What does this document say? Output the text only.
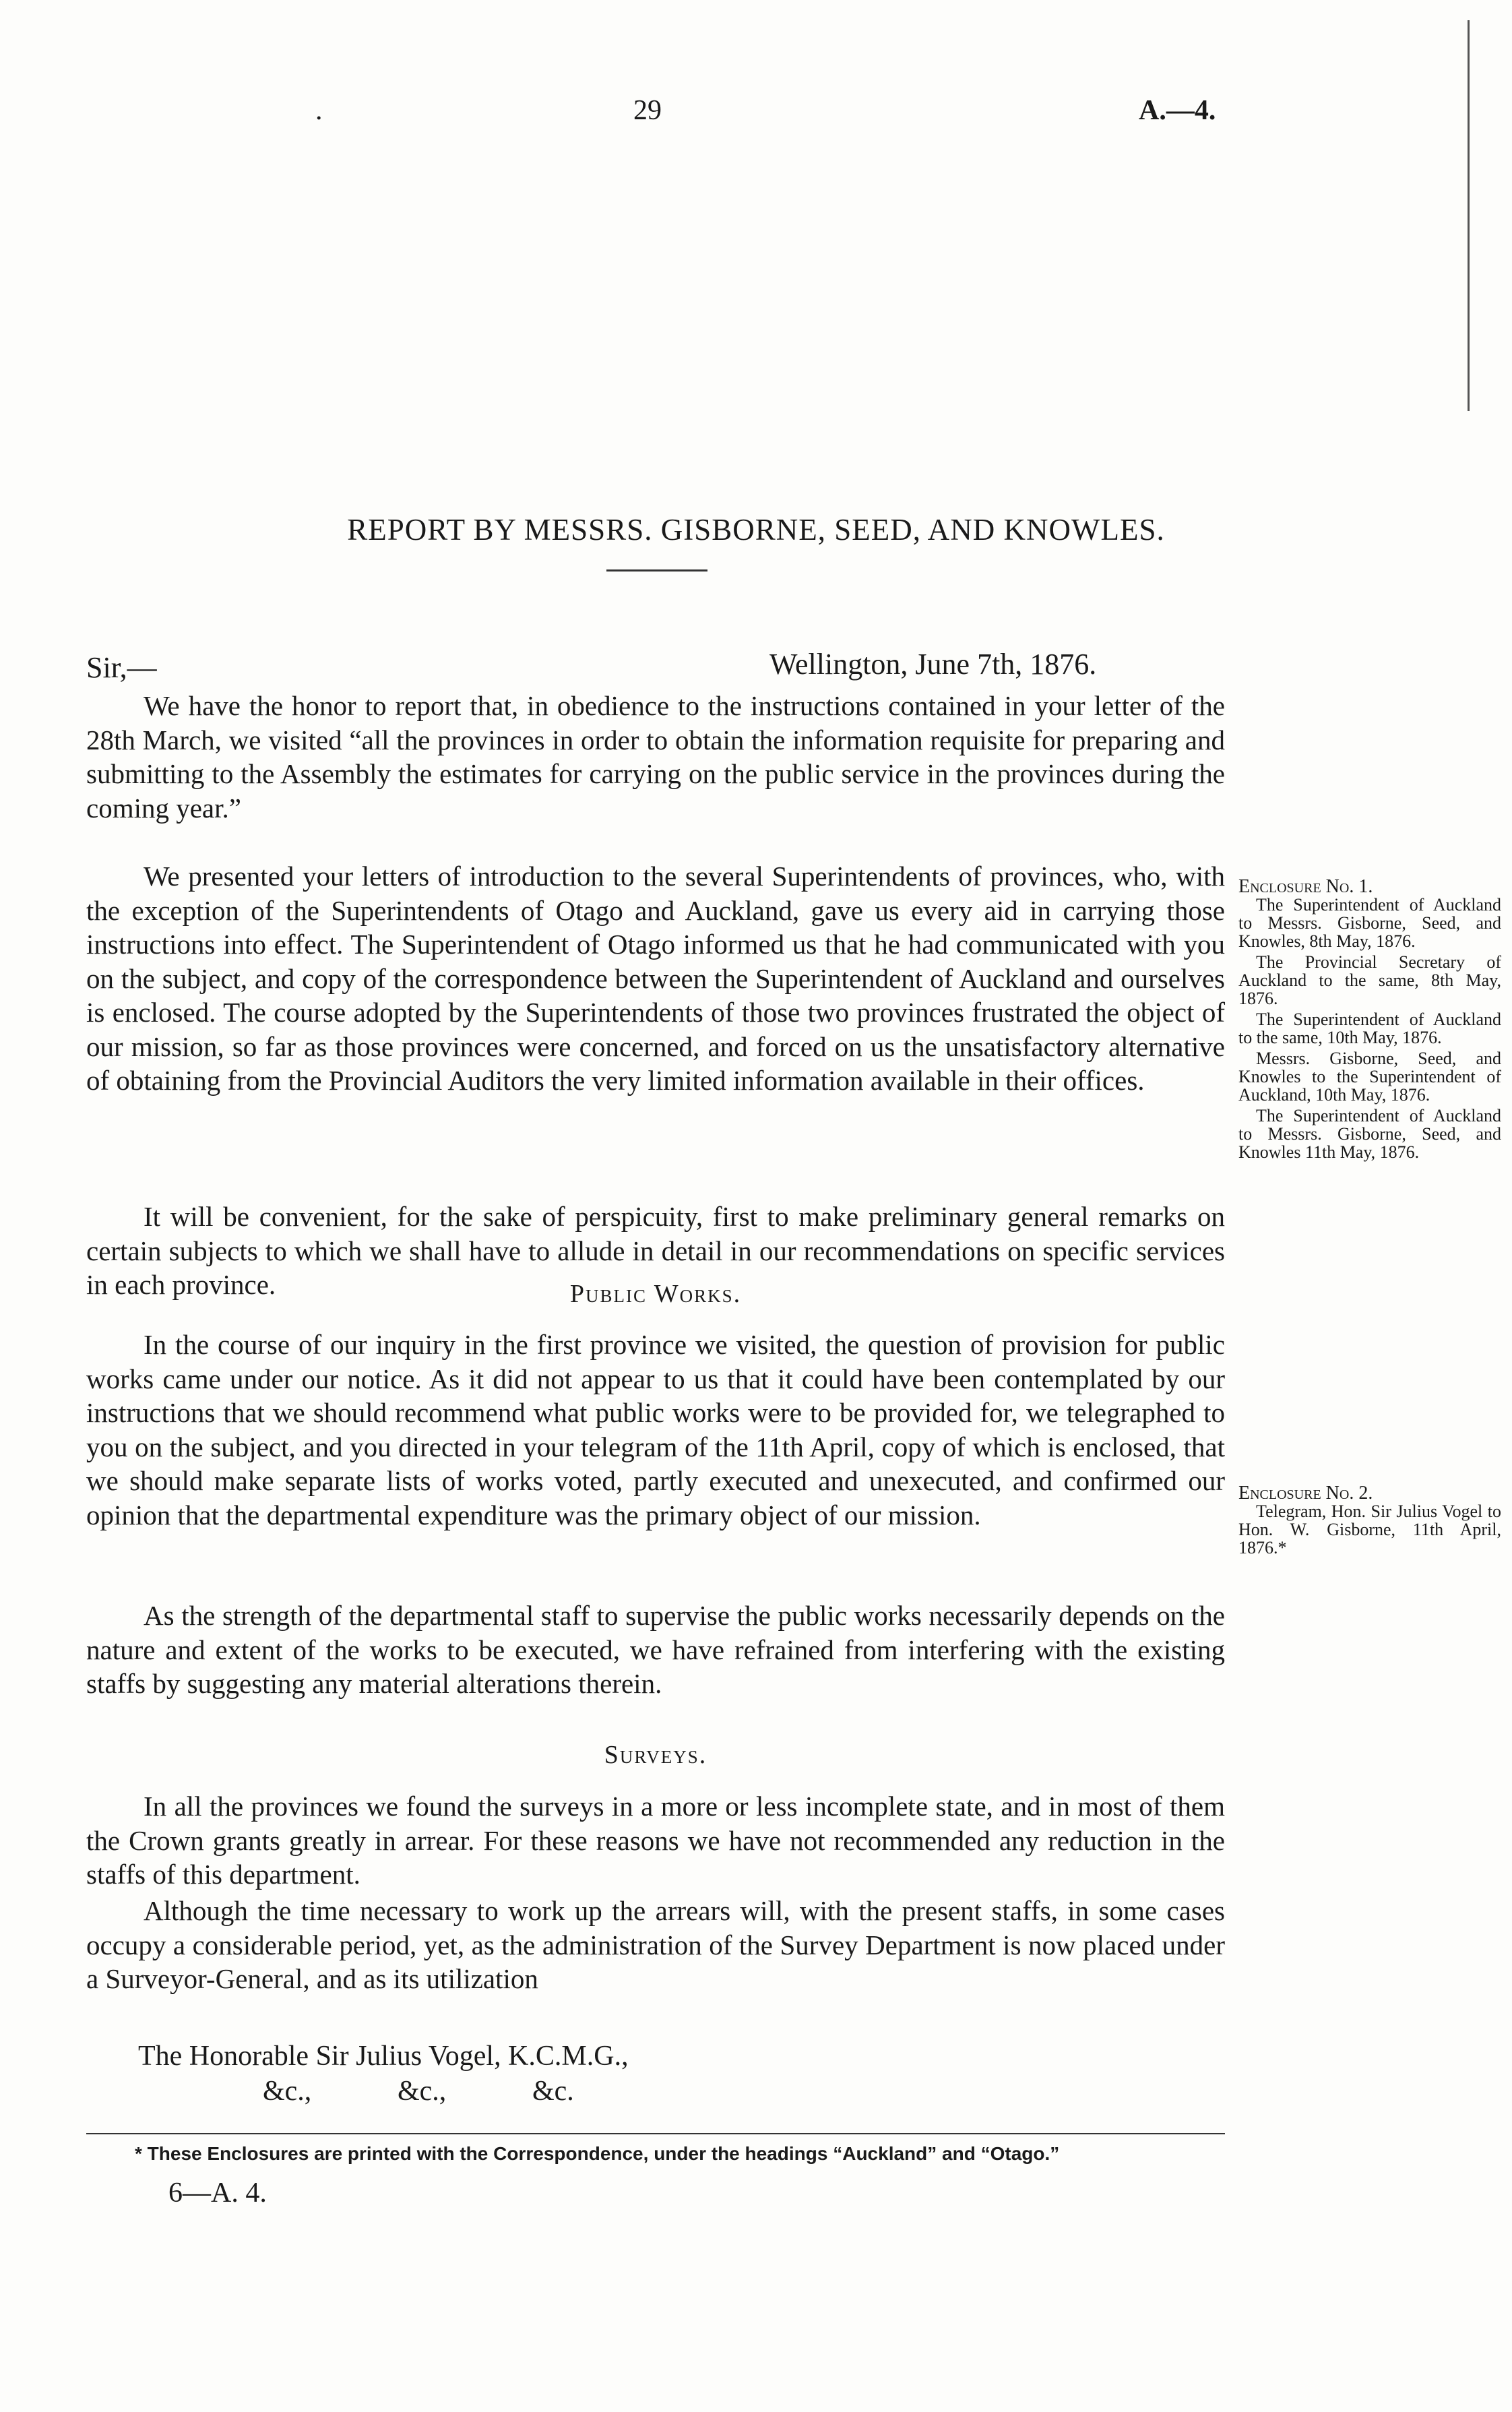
.	29	A.—4.
REPORT BY MESSRS. GISBORNE, SEED, AND KNOWLES.
Sir,—	Wellington, June 7th, 1876.

We have the honor to report that, in obedience to the instructions contained in your letter of the 28th March, we visited “all the provinces in order to obtain the information requisite for preparing and submitting to the Assembly the estimates for carrying on the public service in the provinces during the coming year.”

We presented your letters of introduction to the several Superintendents of provinces, who, with the exception of the Superintendents of Otago and Auckland, gave us every aid in carrying those instructions into effect. The Superintendent of Otago informed us that he had communicated with you on the subject, and copy of the correspondence between the Superintendent of Auckland and ourselves is enclosed. The course adopted by the Superintendents of those two provinces frustrated the object of our mission, so far as those provinces were concerned, and forced on us the unsatisfactory alternative of obtaining from the Provincial Auditors the very limited information available in their offices.

It will be convenient, for the sake of perspicuity, first to make preliminary general remarks on certain subjects to which we shall have to allude in detail in our recommendations on specific services in each province.	Public Works.

In the course of our inquiry in the first province we visited, the question of provision for public works came under our notice. As it did not appear to us that it could have been contemplated by our instructions that we should recommend what public works were to be provided for, we telegraphed to you on the subject, and you directed in your telegram of the 11th April, copy of which is enclosed, that we should make separate lists of works voted, partly executed and unexecuted, and confirmed our opinion that the departmental expenditure was the primary object of our mission.

As the strength of the departmental staff to supervise the public works necessarily depends on the nature and extent of the works to be executed, we have refrained from interfering with the existing staffs by suggesting any material alterations therein.

Surveys.

In all the provinces we found the surveys in a more or less incomplete state, and in most of them the Crown grants greatly in arrear. For these reasons we have not recommended any reduction in the staffs of this department.

Although the time necessary to work up the arrears will, with the present staffs, in some cases occupy a considerable period, yet, as the administration of the Survey Department is now placed under a Surveyor-General, and as its utilization

Enclosure No. 1.
The Superintendent of Auckland to Messrs. Gisborne, Seed, and Knowles, 8th May, 1876.
The Provincial Secretary of Auckland to the same, 8th May, 1876.
The Superintendent of Auckland to the same, 10th May, 1876.
Messrs. Gisborne, Seed, and Knowles to the Superintendent of Auckland, 10th May, 1876.
The Superintendent of Auckland to Messrs. Gisborne, Seed, and Knowles 11th May, 1876.
Enclosure No. 2.
Telegram, Hon. Sir Julius Vogel to Hon. W. Gisborne, 11th April, 1876.*
The Honorable Sir Julius Vogel, K.C.M.G.,
&c.,	&c.,	&c.
* These Enclosures are printed with the Correspondence, under the headings “Auckland” and “Otago.”
6—A. 4.
